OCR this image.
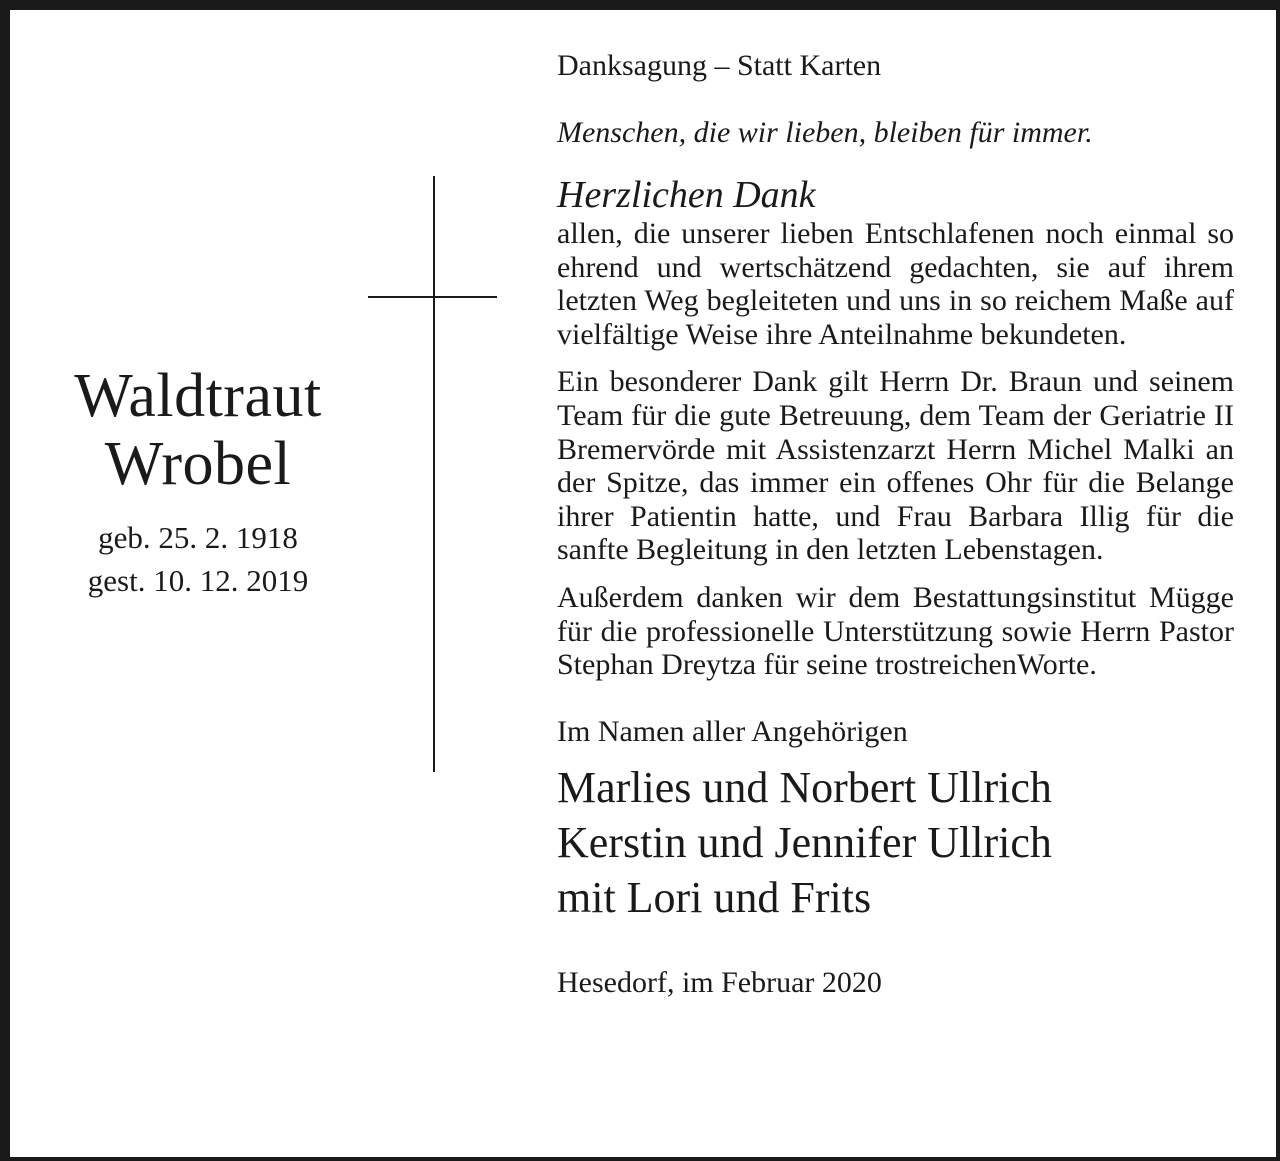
Waldtraut
Wrobel
geb. 25. 2. 1918
gest. 10. 12. 2019
Danksagung – Statt Karten
Menschen, die wir lieben, bleiben für immer.
Herzlichen Dank
allen, die unserer lieben Entschlafenen noch einmal so ehrend und wertschätzend gedachten, sie auf ihrem letzten Weg begleiteten und uns in so reichem Maße auf vielfältige Weise ihre Anteilnahme bekundeten.
Ein besonderer Dank gilt Herrn Dr. Braun und seinem Team für die gute Betreuung, dem Team der Geriatrie II Bremervörde mit Assistenzarzt Herrn Michel Malki an der Spitze, das immer ein offenes Ohr für die Belange ihrer Patientin hatte, und Frau Barbara Illig für die sanfte Begleitung in den letzten Lebenstagen.
Außerdem danken wir dem Bestattungsinstitut Mügge für die professionelle Unterstützung sowie Herrn Pastor Stephan Dreytza für seine trostreichenWorte.
Im Namen aller Angehörigen
Marlies und Norbert Ullrich
Kerstin und Jennifer Ullrich
mit Lori und Frits
Hesedorf, im Februar 2020
